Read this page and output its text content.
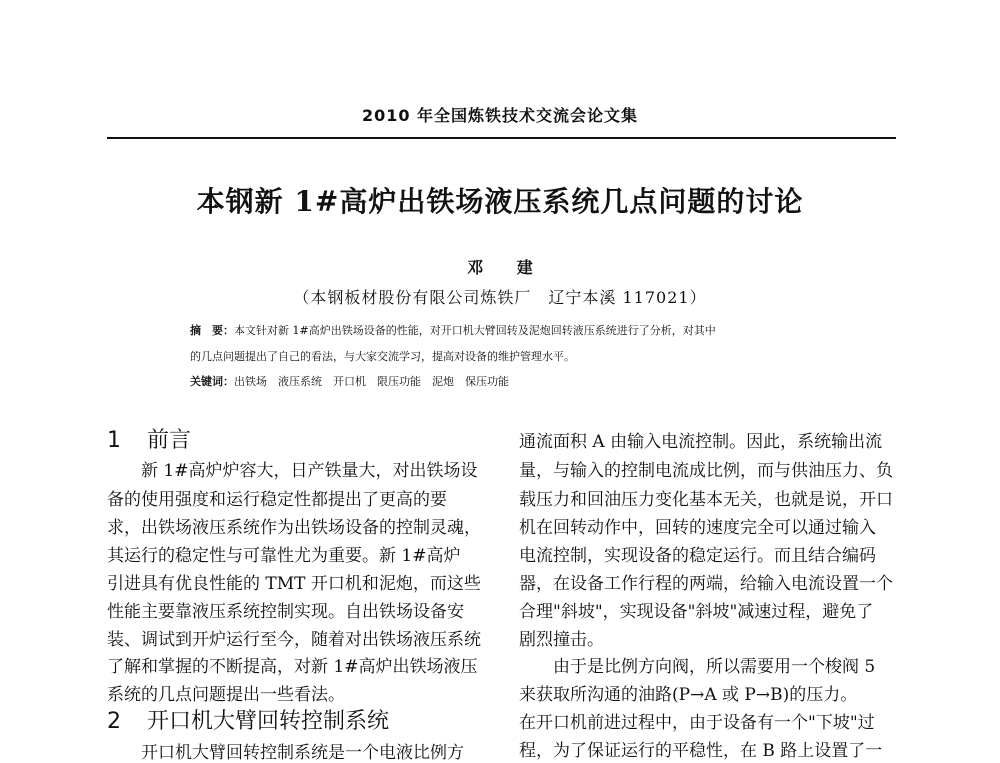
2010 年全国炼铁技术交流会论文集
本钢新 1#高炉出铁场液压系统几点问题的讨论
邓 建
（本钢板材股份有限公司炼铁厂　辽宁本溪 117021）
摘　要：本文针对新 1#高炉出铁场设备的性能，对开口机大臂回转及泥炮回转液压系统进行了分析，对其中
的几点问题提出了自己的看法，与大家交流学习，提高对设备的维护管理水平。
关键词：出铁场　液压系统　开口机　限压功能　泥炮　保压功能
1 前言
　　新 1#高炉炉容大，日产铁量大，对出铁场设
备的使用强度和运行稳定性都提出了更高的要
求，出铁场液压系统作为出铁场设备的控制灵魂，
其运行的稳定性与可靠性尤为重要。新 1#高炉
引进具有优良性能的 TMT 开口机和泥炮，而这些
性能主要靠液压系统控制实现。自出铁场设备安
装、调试到开炉运行至今，随着对出铁场液压系统
了解和掌握的不断提高，对新 1#高炉出铁场液压
系统的几点问题提出一些看法。
2 开口机大臂回转控制系统
　　开口机大臂回转控制系统是一个电液比例方
通流面积 A 由输入电流控制。因此，系统输出流
量，与输入的控制电流成比例，而与供油压力、负
载压力和回油压力变化基本无关，也就是说，开口
机在回转动作中，回转的速度完全可以通过输入
电流控制，实现设备的稳定运行。而且结合编码
器，在设备工作行程的两端，给输入电流设置一个
合理"斜坡"，实现设备"斜坡"减速过程，避免了
剧烈撞击。
　　由于是比例方向阀，所以需要用一个梭阀 5
来获取所沟通的油路(P→A 或 P→B)的压力。
在开口机前进过程中，由于设备有一个"下坡"过
程，为了保证运行的平稳性，在 B 路上设置了一
